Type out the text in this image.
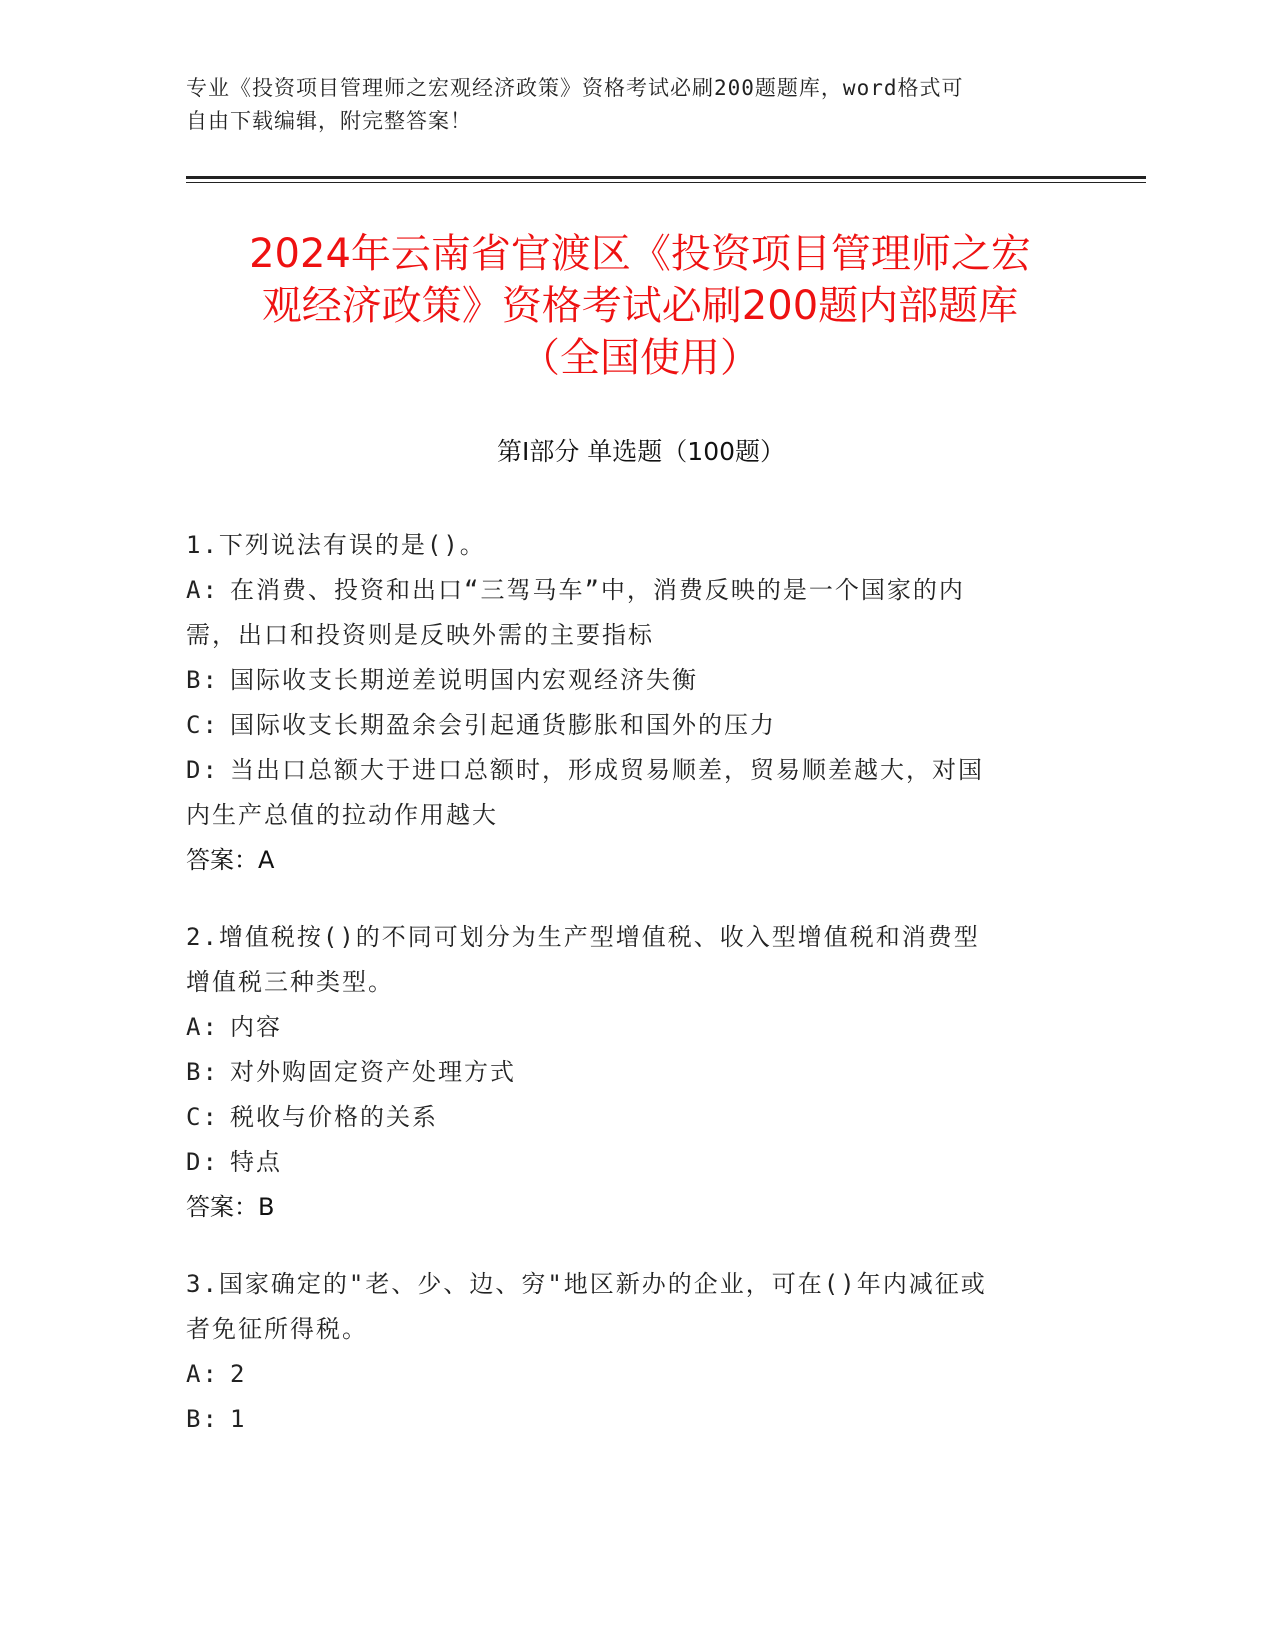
专业《投资项目管理师之宏观经济政策》资格考试必刷200题题库，word格式可
自由下载编辑，附完整答案！
2024年云南省官渡区《投资项目管理师之宏
观经济政策》资格考试必刷200题内部题库
（全国使用）
第Ⅰ部分 单选题（100题）

1.下列说法有误的是()。

A: 在消费、投资和出口“三驾马车”中，消费反映的是一个国家的内

需，出口和投资则是反映外需的主要指标

B: 国际收支长期逆差说明国内宏观经济失衡

C: 国际收支长期盈余会引起通货膨胀和国外的压力

D: 当出口总额大于进口总额时，形成贸易顺差，贸易顺差越大，对国

内生产总值的拉动作用越大

答案：A

2.增值税按()的不同可划分为生产型增值税、收入型增值税和消费型

增值税三种类型。

A: 内容

B: 对外购固定资产处理方式

C: 税收与价格的关系

D: 特点

答案：B

3.国家确定的"老、少、边、穷"地区新办的企业，可在()年内减征或

者免征所得税。

A: 2

B: 1
